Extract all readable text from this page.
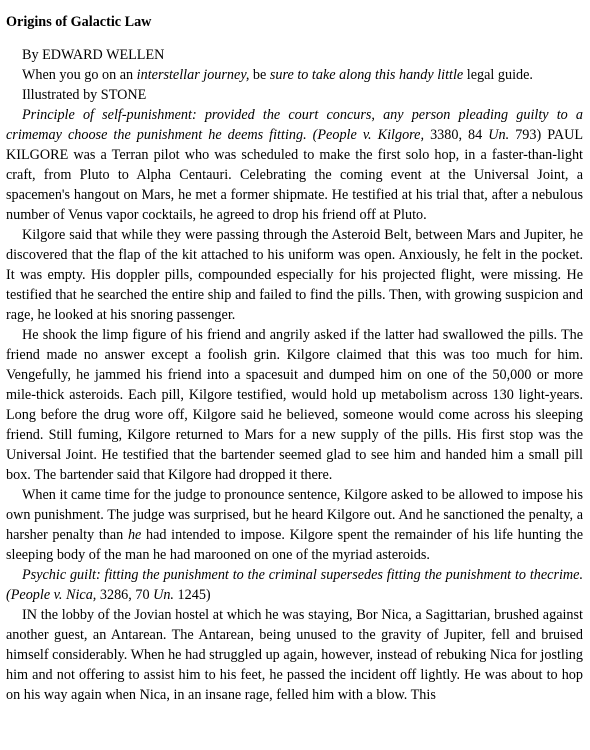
Origins of Galactic Law

By EDWARD WELLEN

When you go on an interstellar journey, be sure to take along this handy little legal guide.

Illustrated by STONE

Principle of self-punishment: provided the court concurs, any person pleading guilty to a crimemay choose the punishment he deems fitting. (People v. Kilgore, 3380, 84 Un. 793) PAUL KILGORE was a Terran pilot who was scheduled to make the first solo hop, in a faster-than-light craft, from Pluto to Alpha Centauri. Celebrating the coming event at the Universal Joint, a spacemen's hangout on Mars, he met a former shipmate. He testified at his trial that, after a nebulous number of Venus vapor cocktails, he agreed to drop his friend off at Pluto.

Kilgore said that while they were passing through the Asteroid Belt, between Mars and Jupiter, he discovered that the flap of the kit attached to his uniform was open. Anxiously, he felt in the pocket. It was empty. His doppler pills, compounded especially for his projected flight, were missing. He testified that he searched the entire ship and failed to find the pills. Then, with growing suspicion and rage, he looked at his snoring passenger.

He shook the limp figure of his friend and angrily asked if the latter had swallowed the pills. The friend made no answer except a foolish grin. Kilgore claimed that this was too much for him. Vengefully, he jammed his friend into a spacesuit and dumped him on one of the 50,000 or more mile-thick asteroids. Each pill, Kilgore testified, would hold up metabolism across 130 light-years. Long before the drug wore off, Kilgore said he believed, someone would come across his sleeping friend. Still fuming, Kilgore returned to Mars for a new supply of the pills. His first stop was the Universal Joint. He testified that the bartender seemed glad to see him and handed him a small pill box. The bartender said that Kilgore had dropped it there.

When it came time for the judge to pronounce sentence, Kilgore asked to be allowed to impose his own punishment. The judge was surprised, but he heard Kilgore out. And he sanctioned the penalty, a harsher penalty than he had intended to impose. Kilgore spent the remainder of his life hunting the sleeping body of the man he had marooned on one of the myriad asteroids.

Psychic guilt: fitting the punishment to the criminal supersedes fitting the punishment to thecrime. (People v. Nica, 3286, 70 Un. 1245)

IN the lobby of the Jovian hostel at which he was staying, Bor Nica, a Sagittarian, brushed against another guest, an Antarean. The Antarean, being unused to the gravity of Jupiter, fell and bruised himself considerably. When he had struggled up again, however, instead of rebuking Nica for jostling him and not offering to assist him to his feet, he passed the incident off lightly. He was about to hop on his way again when Nica, in an insane rage, felled him with a blow. This
